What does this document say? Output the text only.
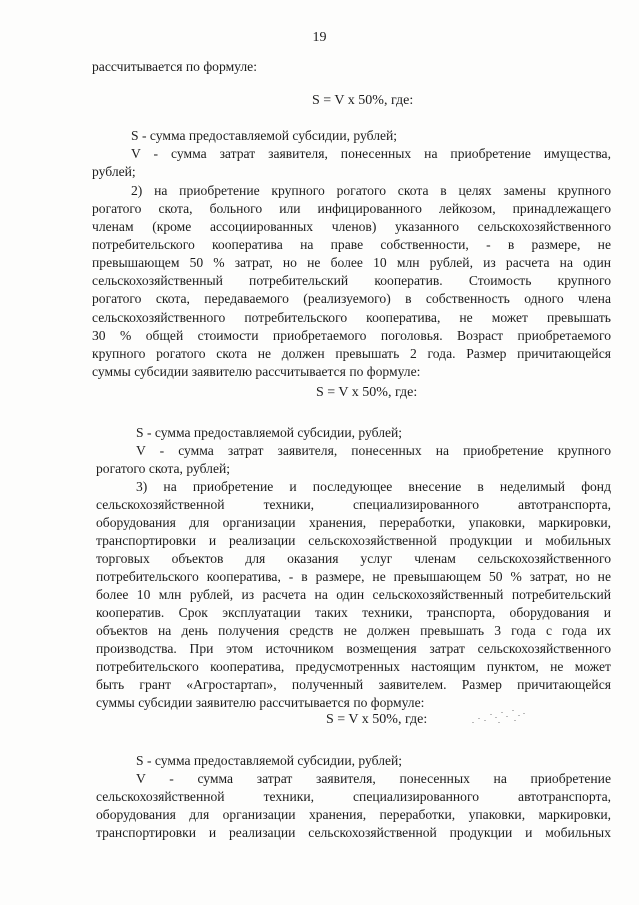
19
рассчитывается по формуле:
S - сумма предоставляемой субсидии, рублей;
V - сумма затрат заявителя, понесенных на приобретение имущества,
рублей;
2) на приобретение крупного рогатого скота в целях замены крупного
рогатого скота, больного или инфицированного лейкозом, принадлежащего
членам (кроме ассоциированных членов) указанного сельскохозяйственного
потребительского кооператива на праве собственности, - в размере, не
превышающем 50 % затрат, но не более 10 млн рублей, из расчета на один
сельскохозяйственный потребительский кооператив. Стоимость крупного
рогатого скота, передаваемого (реализуемого) в собственность одного члена
сельскохозяйственного потребительского кооператива, не может превышать
30 % общей стоимости приобретаемого поголовья. Возраст приобретаемого
крупного рогатого скота не должен превышать 2 года. Размер причитающейся
суммы субсидии заявителю рассчитывается по формуле:
S - сумма предоставляемой субсидии, рублей;
V - сумма затрат заявителя, понесенных на приобретение крупного
рогатого скота, рублей;
3) на приобретение и последующее внесение в неделимый фонд
сельскохозяйственной техники, специализированного автотранспорта,
оборудования для организации хранения, переработки, упаковки, маркировки,
транспортировки и реализации сельскохозяйственной продукции и мобильных
торговых объектов для оказания услуг членам сельскохозяйственного
потребительского кооператива, - в размере, не превышающем 50 % затрат, но не
более 10 млн рублей, из расчета на один сельскохозяйственный потребительский
кооператив. Срок эксплуатации таких техники, транспорта, оборудования и
объектов на день получения средств не должен превышать 3 года с года их
производства. При этом источником возмещения затрат сельскохозяйственного
потребительского кооператива, предусмотренных настоящим пунктом, не может
быть грант «Агростартап», полученный заявителем. Размер причитающейся
суммы субсидии заявителю рассчитывается по формуле:
S - сумма предоставляемой субсидии, рублей;
V - сумма затрат заявителя, понесенных на приобретение
сельскохозяйственной техники, специализированного автотранспорта,
оборудования для организации хранения, переработки, упаковки, маркировки,
транспортировки и реализации сельскохозяйственной продукции и мобильных
S = V x 50%, где:
S = V x 50%, где:
S = V x 50%, где:
